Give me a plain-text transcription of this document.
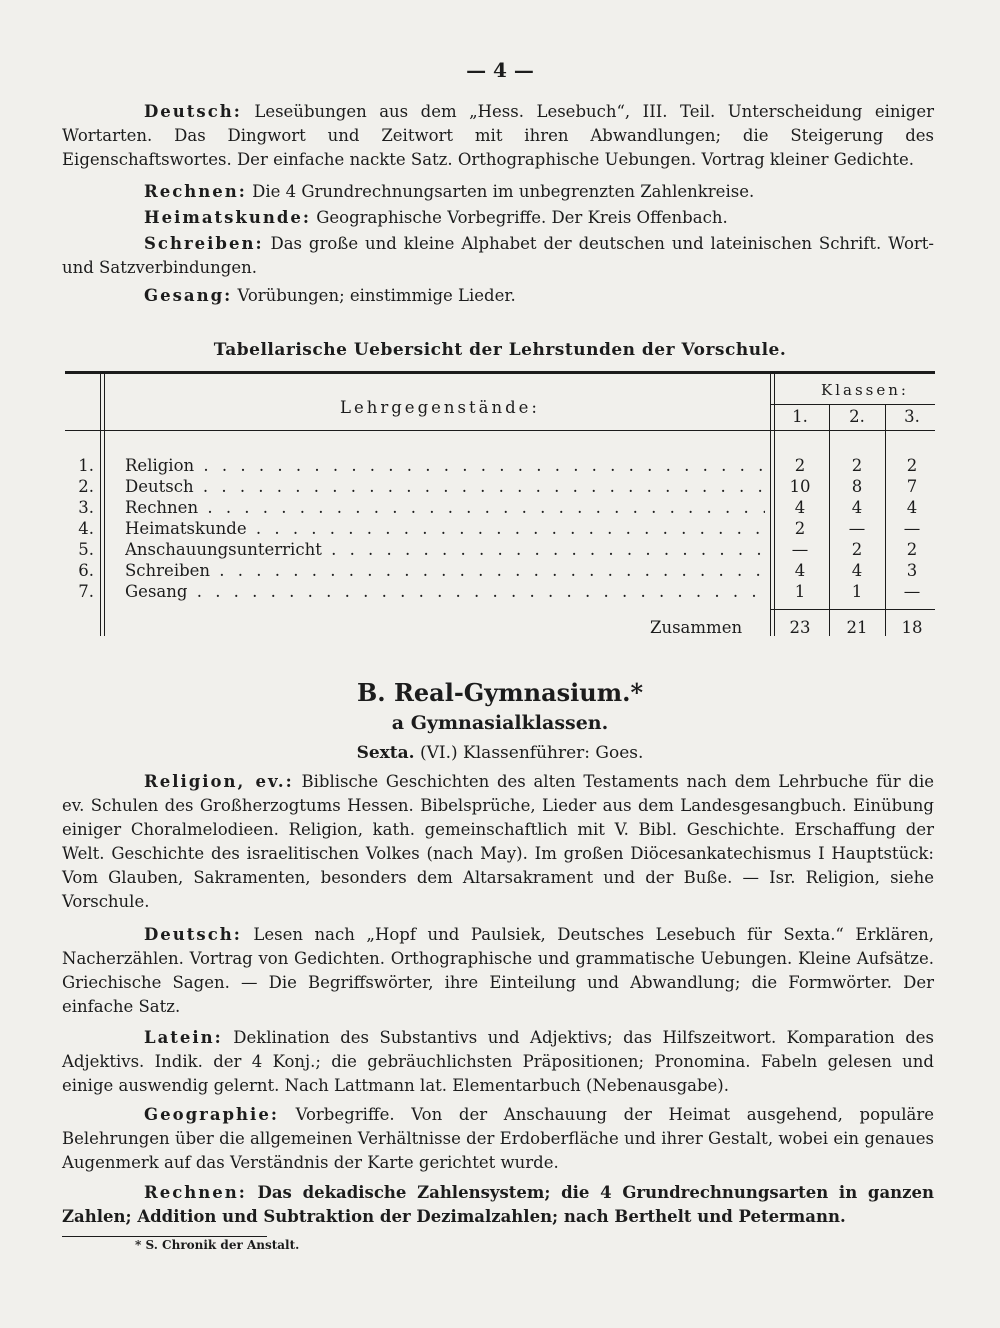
— 4 —
Deutsch: Leseübungen aus dem „Hess. Lesebuch“, III. Teil. Unterscheidung einiger Wortarten. Das Dingwort und Zeitwort mit ihren Abwandlungen; die Steigerung des Eigenschaftswortes. Der einfache nackte Satz. Orthographische Uebungen. Vortrag kleiner Gedichte.
Rechnen: Die 4 Grundrechnungsarten im unbegrenzten Zahlenkreise.
Heimatskunde: Geographische Vorbegriffe. Der Kreis Offenbach.
Schreiben: Das große und kleine Alphabet der deutschen und lateinischen Schrift. Wort- und Satzverbindungen.
Gesang: Vorübungen; einstimmige Lieder.
Tabellarische Uebersicht der Lehrstunden der Vorschule.
Lehrgegenstände:
Klassen:
1.	2.	3.
1. Religion . . .	2	2	2
2. Deutsch . . .	10	8	7
3. Rechnen . . .	4	4	4
4. Heimatskunde . . .	2	—	—
5. Anschauungsunterricht . . .	—	2	2
6. Schreiben . . .	4	4	3
7. Gesang . . .	1	1	—
Zusammen	23	21	18
B. Real-Gymnasium.*
a Gymnasialklassen.
Sexta. (VI.) Klassenführer: Goes.
Religion, ev.: Biblische Geschichten des alten Testaments nach dem Lehrbuche für die ev. Schulen des Großherzogtums Hessen. Bibelsprüche, Lieder aus dem Landesgesangbuch. Einübung einiger Choralmelodieen. Religion, kath. gemeinschaftlich mit V. Bibl. Geschichte. Erschaffung der Welt. Geschichte des israelitischen Volkes (nach May). Im großen Diöcesankatechismus I Hauptstück: Vom Glauben, Sakramenten, besonders dem Altarsakrament und der Buße. — Isr. Religion, siehe Vorschule.
Deutsch: Lesen nach „Hopf und Paulsiek, Deutsches Lesebuch für Sexta.“ Erklären, Nacherzählen. Vortrag von Gedichten. Orthographische und grammatische Uebungen. Kleine Aufsätze. Griechische Sagen. — Die Begriffswörter, ihre Einteilung und Abwandlung; die Formwörter. Der einfache Satz.
Latein: Deklination des Substantivs und Adjektivs; das Hilfszeitwort. Komparation des Adjektivs. Indik. der 4 Konj.; die gebräuchlichsten Präpositionen; Pronomina. Fabeln gelesen und einige auswendig gelernt. Nach Lattmann lat. Elementarbuch (Nebenausgabe).
Geographie: Vorbegriffe. Von der Anschauung der Heimat ausgehend, populäre Belehrungen über die allgemeinen Verhältnisse der Erdoberfläche und ihrer Gestalt, wobei ein genaues Augenmerk auf das Verständnis der Karte gerichtet wurde.
Rechnen: Das dekadische Zahlensystem; die 4 Grundrechnungsarten in ganzen Zahlen; Addition und Subtraktion der Dezimalzahlen; nach Berthelt und Petermann.
* S. Chronik der Anstalt.
